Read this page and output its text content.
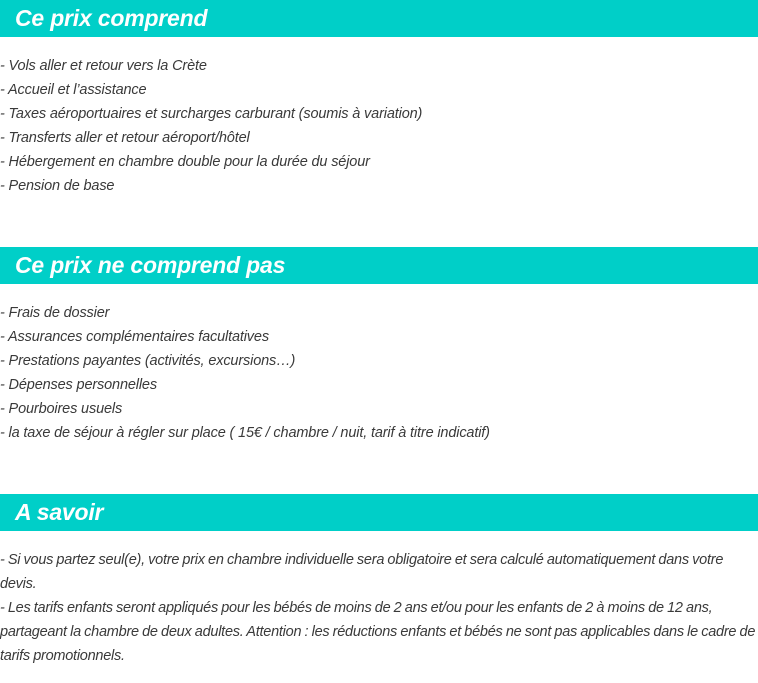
Ce prix comprend

- Vols aller et retour vers la Crète

- Accueil et l’assistance

- Taxes aéroportuaires et surcharges carburant (soumis à variation)

- Transferts aller et retour aéroport/hôtel

- Hébergement en chambre double pour la durée du séjour

- Pension de base

Ce prix ne comprend pas

- Frais de dossier

- Assurances complémentaires facultatives

- Prestations payantes (activités, excursions…)

- Dépenses personnelles

- Pourboires usuels

- la taxe de séjour à régler sur place ( 15€ / chambre / nuit, tarif à titre indicatif)

A savoir

- Si vous partez seul(e), votre prix en chambre individuelle sera obligatoire et sera calculé automatiquement dans votre devis.

- Les tarifs enfants seront appliqués pour les bébés de moins de 2 ans et/ou pour les enfants de 2 à moins de 12 ans, partageant la chambre de deux adultes. Attention : les réductions enfants et bébés ne sont pas applicables dans le cadre de tarifs promotionnels.
